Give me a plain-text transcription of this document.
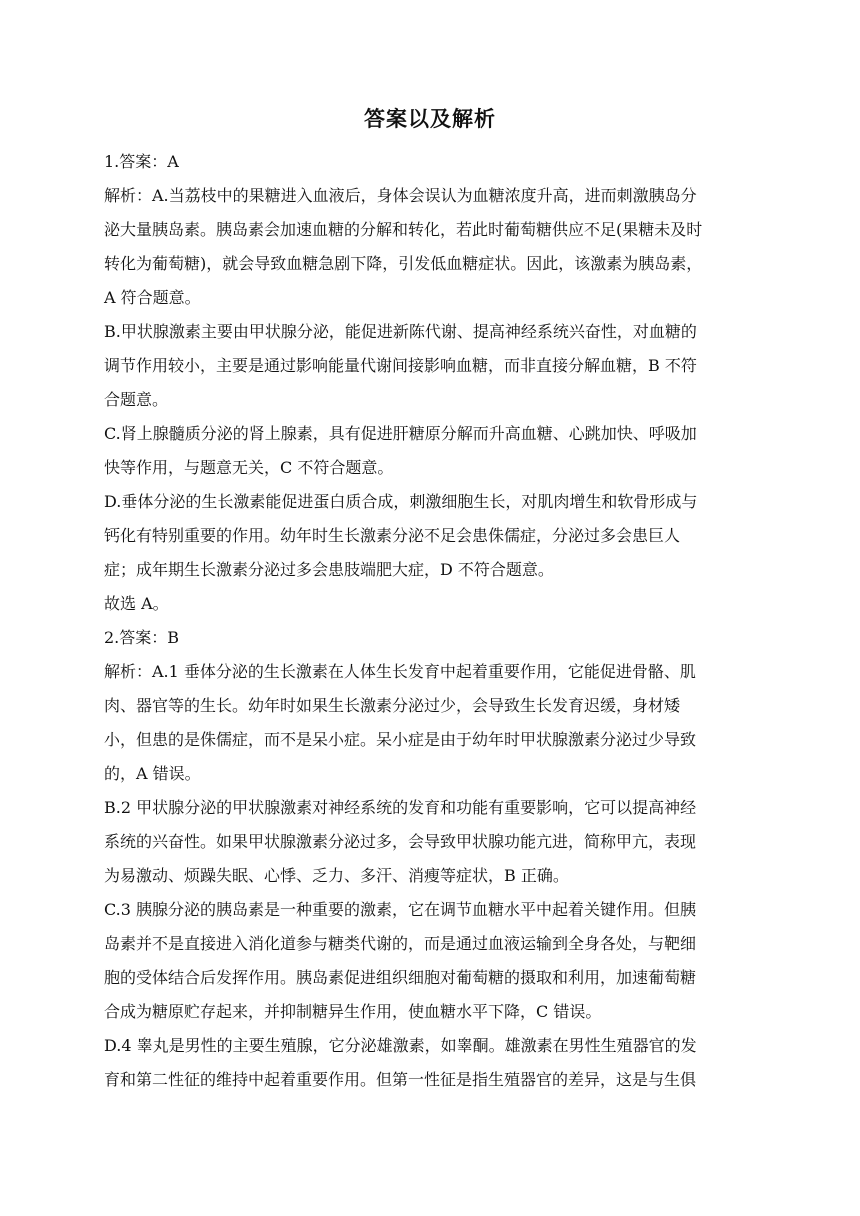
答案以及解析
1.答案：A
解析：A.当荔枝中的果糖进入血液后，身体会误认为血糖浓度升高，进而刺激胰岛分
泌大量胰岛素。胰岛素会加速血糖的分解和转化，若此时葡萄糖供应不足(果糖未及时
转化为葡萄糖)，就会导致血糖急剧下降，引发低血糖症状。因此，该激素为胰岛素，
A 符合题意。
B.甲状腺激素主要由甲状腺分泌，能促进新陈代谢、提高神经系统兴奋性，对血糖的
调节作用较小，主要是通过影响能量代谢间接影响血糖，而非直接分解血糖，B 不符
合题意。
C.肾上腺髓质分泌的肾上腺素，具有促进肝糖原分解而升高血糖、心跳加快、呼吸加
快等作用，与题意无关，C 不符合题意。
D.垂体分泌的生长激素能促进蛋白质合成，刺激细胞生长，对肌肉增生和软骨形成与
钙化有特别重要的作用。幼年时生长激素分泌不足会患侏儒症，分泌过多会患巨人
症；成年期生长激素分泌过多会患肢端肥大症，D 不符合题意。
故选 A。
2.答案：B
解析：A.1 垂体分泌的生长激素在人体生长发育中起着重要作用，它能促进骨骼、肌
肉、器官等的生长。幼年时如果生长激素分泌过少，会导致生长发育迟缓，身材矮
小，但患的是侏儒症，而不是呆小症。呆小症是由于幼年时甲状腺激素分泌过少导致
的，A 错误。
B.2 甲状腺分泌的甲状腺激素对神经系统的发育和功能有重要影响，它可以提高神经
系统的兴奋性。如果甲状腺激素分泌过多，会导致甲状腺功能亢进，简称甲亢，表现
为易激动、烦躁失眠、心悸、乏力、多汗、消瘦等症状，B 正确。
C.3 胰腺分泌的胰岛素是一种重要的激素，它在调节血糖水平中起着关键作用。但胰
岛素并不是直接进入消化道参与糖类代谢的，而是通过血液运输到全身各处，与靶细
胞的受体结合后发挥作用。胰岛素促进组织细胞对葡萄糖的摄取和利用，加速葡萄糖
合成为糖原贮存起来，并抑制糖异生作用，使血糖水平下降，C 错误。
D.4 睾丸是男性的主要生殖腺，它分泌雄激素，如睾酮。雄激素在男性生殖器官的发
育和第二性征的维持中起着重要作用。但第一性征是指生殖器官的差异，这是与生俱
